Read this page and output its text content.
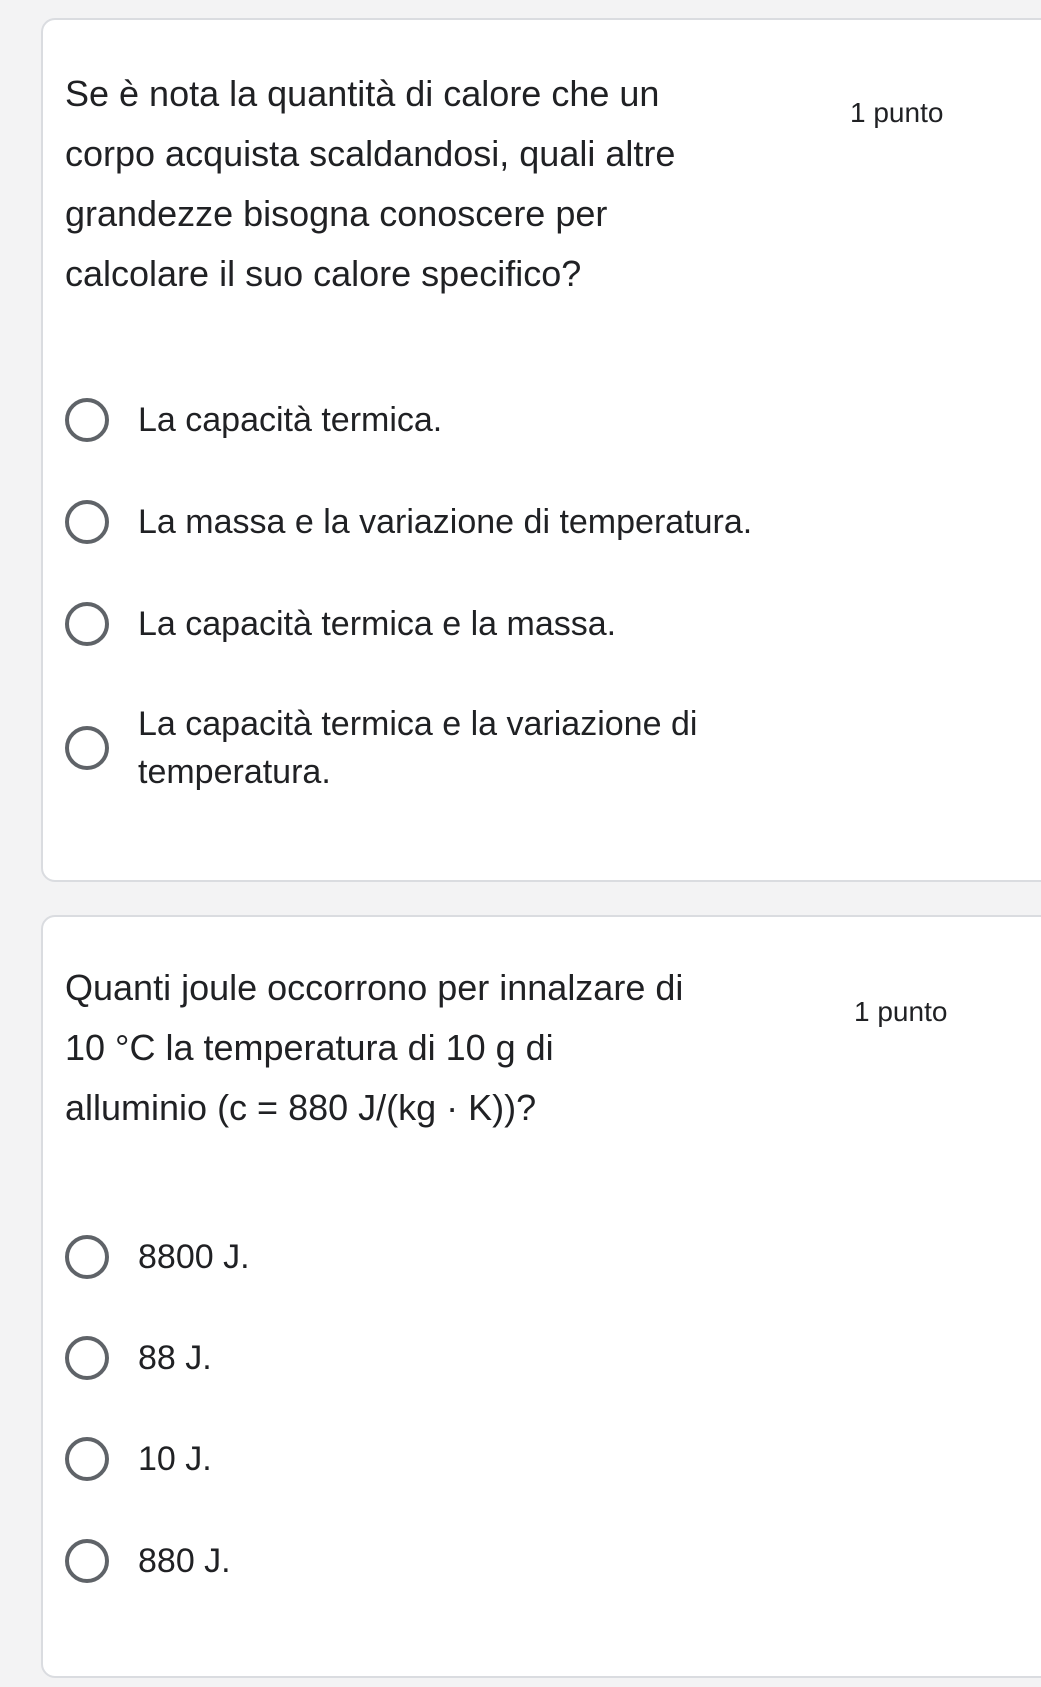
Se è nota la quantità di calore che un corpo acquista scaldandosi, quali altre grandezze bisogna conoscere per calcolare il suo calore specifico?
1 punto
La capacità termica.
La massa e la variazione di temperatura.
La capacità termica e la massa.
La capacità termica e la variazione di temperatura.
Quanti joule occorrono per innalzare di 10 °C la temperatura di 10 g di alluminio (c = 880 J/(kg · K))?
1 punto
8800 J.
88 J.
10 J.
880 J.
